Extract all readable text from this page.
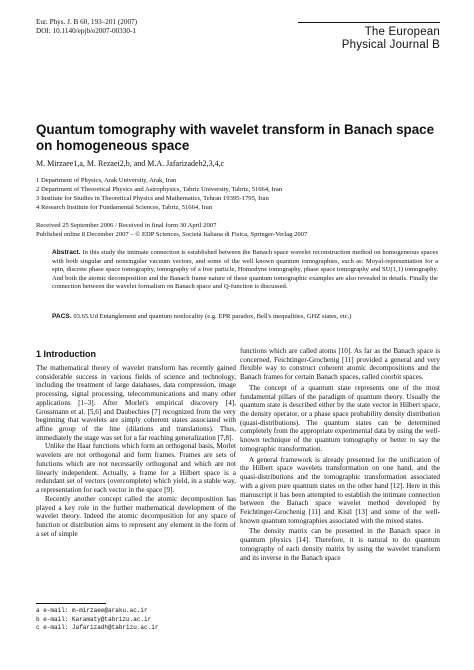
Eur. Phys. J. B 60, 193–201 (2007)
DOI: 10.1140/epjb/e2007-00330-1	The European
Physical Journal B
Quantum tomography with wavelet transform in Banach space on homogeneous space
M. Mirzaee1,a, M. Rezaei2,b, and M.A. Jafarizadeh2,3,4,c
1 Department of Physics, Arak University, Arak, Iran
2 Department of Theoretical Physics and Astrophysics, Tabriz University, Tabriz, 51664, Iran
3 Institute for Studies in Theoretical Physics and Mathematics, Tehran 19395-1795, Iran
4 Research Institute for Fundamental Sciences, Tabriz, 51664, Iran
Received 25 September 2006 / Received in final form 30 April 2007
Published online 8 December 2007 – © EDP Sciences, Società Italiana di Fisica, Springer-Verlag 2007
Abstract. In this study the intimate connection is established between the Banach space wavelet reconstruction method on homogeneous spaces with both singular and nonsingular vacuum vectors, and some of the well known quantum tomographies, such as: Moyal-representation for a spin, discrete phase space tomography, tomography of a free particle, Homodyne tomography, phase space tomography and SU(1,1) tomography. And both the atomic decomposition and the Banach frame nature of these quantum tomographic examples are also revealed in details. Finally the connection between the wavelet formalism on Banach space and Q-function is discussed.
PACS. 03.65.Ud Entanglement and quantum nonlocality (e.g. EPR paradox, Bell's inequalities, GHZ states, etc.)
1 Introduction

The mathematical theory of wavelet transform has recently gained considerable success in various fields of science and technology, including the treatment of large databases, data compression, image processing, signal processing, telecommunications and many other applications [1–3]. After Morlet's empirical discovery [4], Grossmann et al. [5,6] and Daubechies [7] recognized from the very beginning that wavelets are simply coherent states associated with affine group of the line (dilations and translations). Thus, immediately the stage was set for a far reaching generalization [7,8].

Unlike the Haar functions which form an orthogonal basis, Morlet wavelets are not orthogonal and form frames. Frames are sets of functions which are not necessarily orthogonal and which are not linearly independent. Actually, a frame for a Hilbert space is a redundant set of vectors (overcomplete) which yield, in a stable way, a representation for each vector in the space [9].

Recently another concept called the atomic decomposition has played a key role in the further mathematical development of the wavelet theory. Indeed the atomic decomposition for any space of function or distribution aims to represent any element in the form of a set of simple

functions which are called atoms [10]. As far as the Banach space is concerned, Feichtinger-Grochenig [11] provided a general and very flexible way to construct coherent atomic decompositions and the Banach frames for certain Banach spaces, called coorbit spaces.

The concept of a quantum state represents one of the most fundamental pillars of the paradigm of quantum theory. Usually the quantum state is described either by the state vector in Hilbert space, the density operator, or a phase space probability density distribution (quasi-distributions). The quantum states can be determined completely from the appropriate experimental data by using the well-known technique of the quantum tomography or better to say the tomographic transformation.

A general framework is already presented for the unification of the Hilbert space wavelets transformation on one hand, and the quasi-distributions and the tomographic transformation associated with a given pure quantum states on the other hand [12]. Here in this manuscript it has been attempted to establish the intimate connection between the Banach space wavelet method developed by Feichtinger-Grochenig [11] and Kisil [13] and some of the well-known quantum tomographies associated with the mixed states.

The density matrix can be presented in the Banach space in quantum physics [14]. Therefore, it is natural to do quantum tomography of each density matrix by using the wavelet transform and its inverse in the Banach space

a e-mail: m-mirzaee@araku.ac.ir
b e-mail: Karamaty@tabrizu.ac.ir
c e-mail: Jafarizadh@tabrizu.ac.ir
